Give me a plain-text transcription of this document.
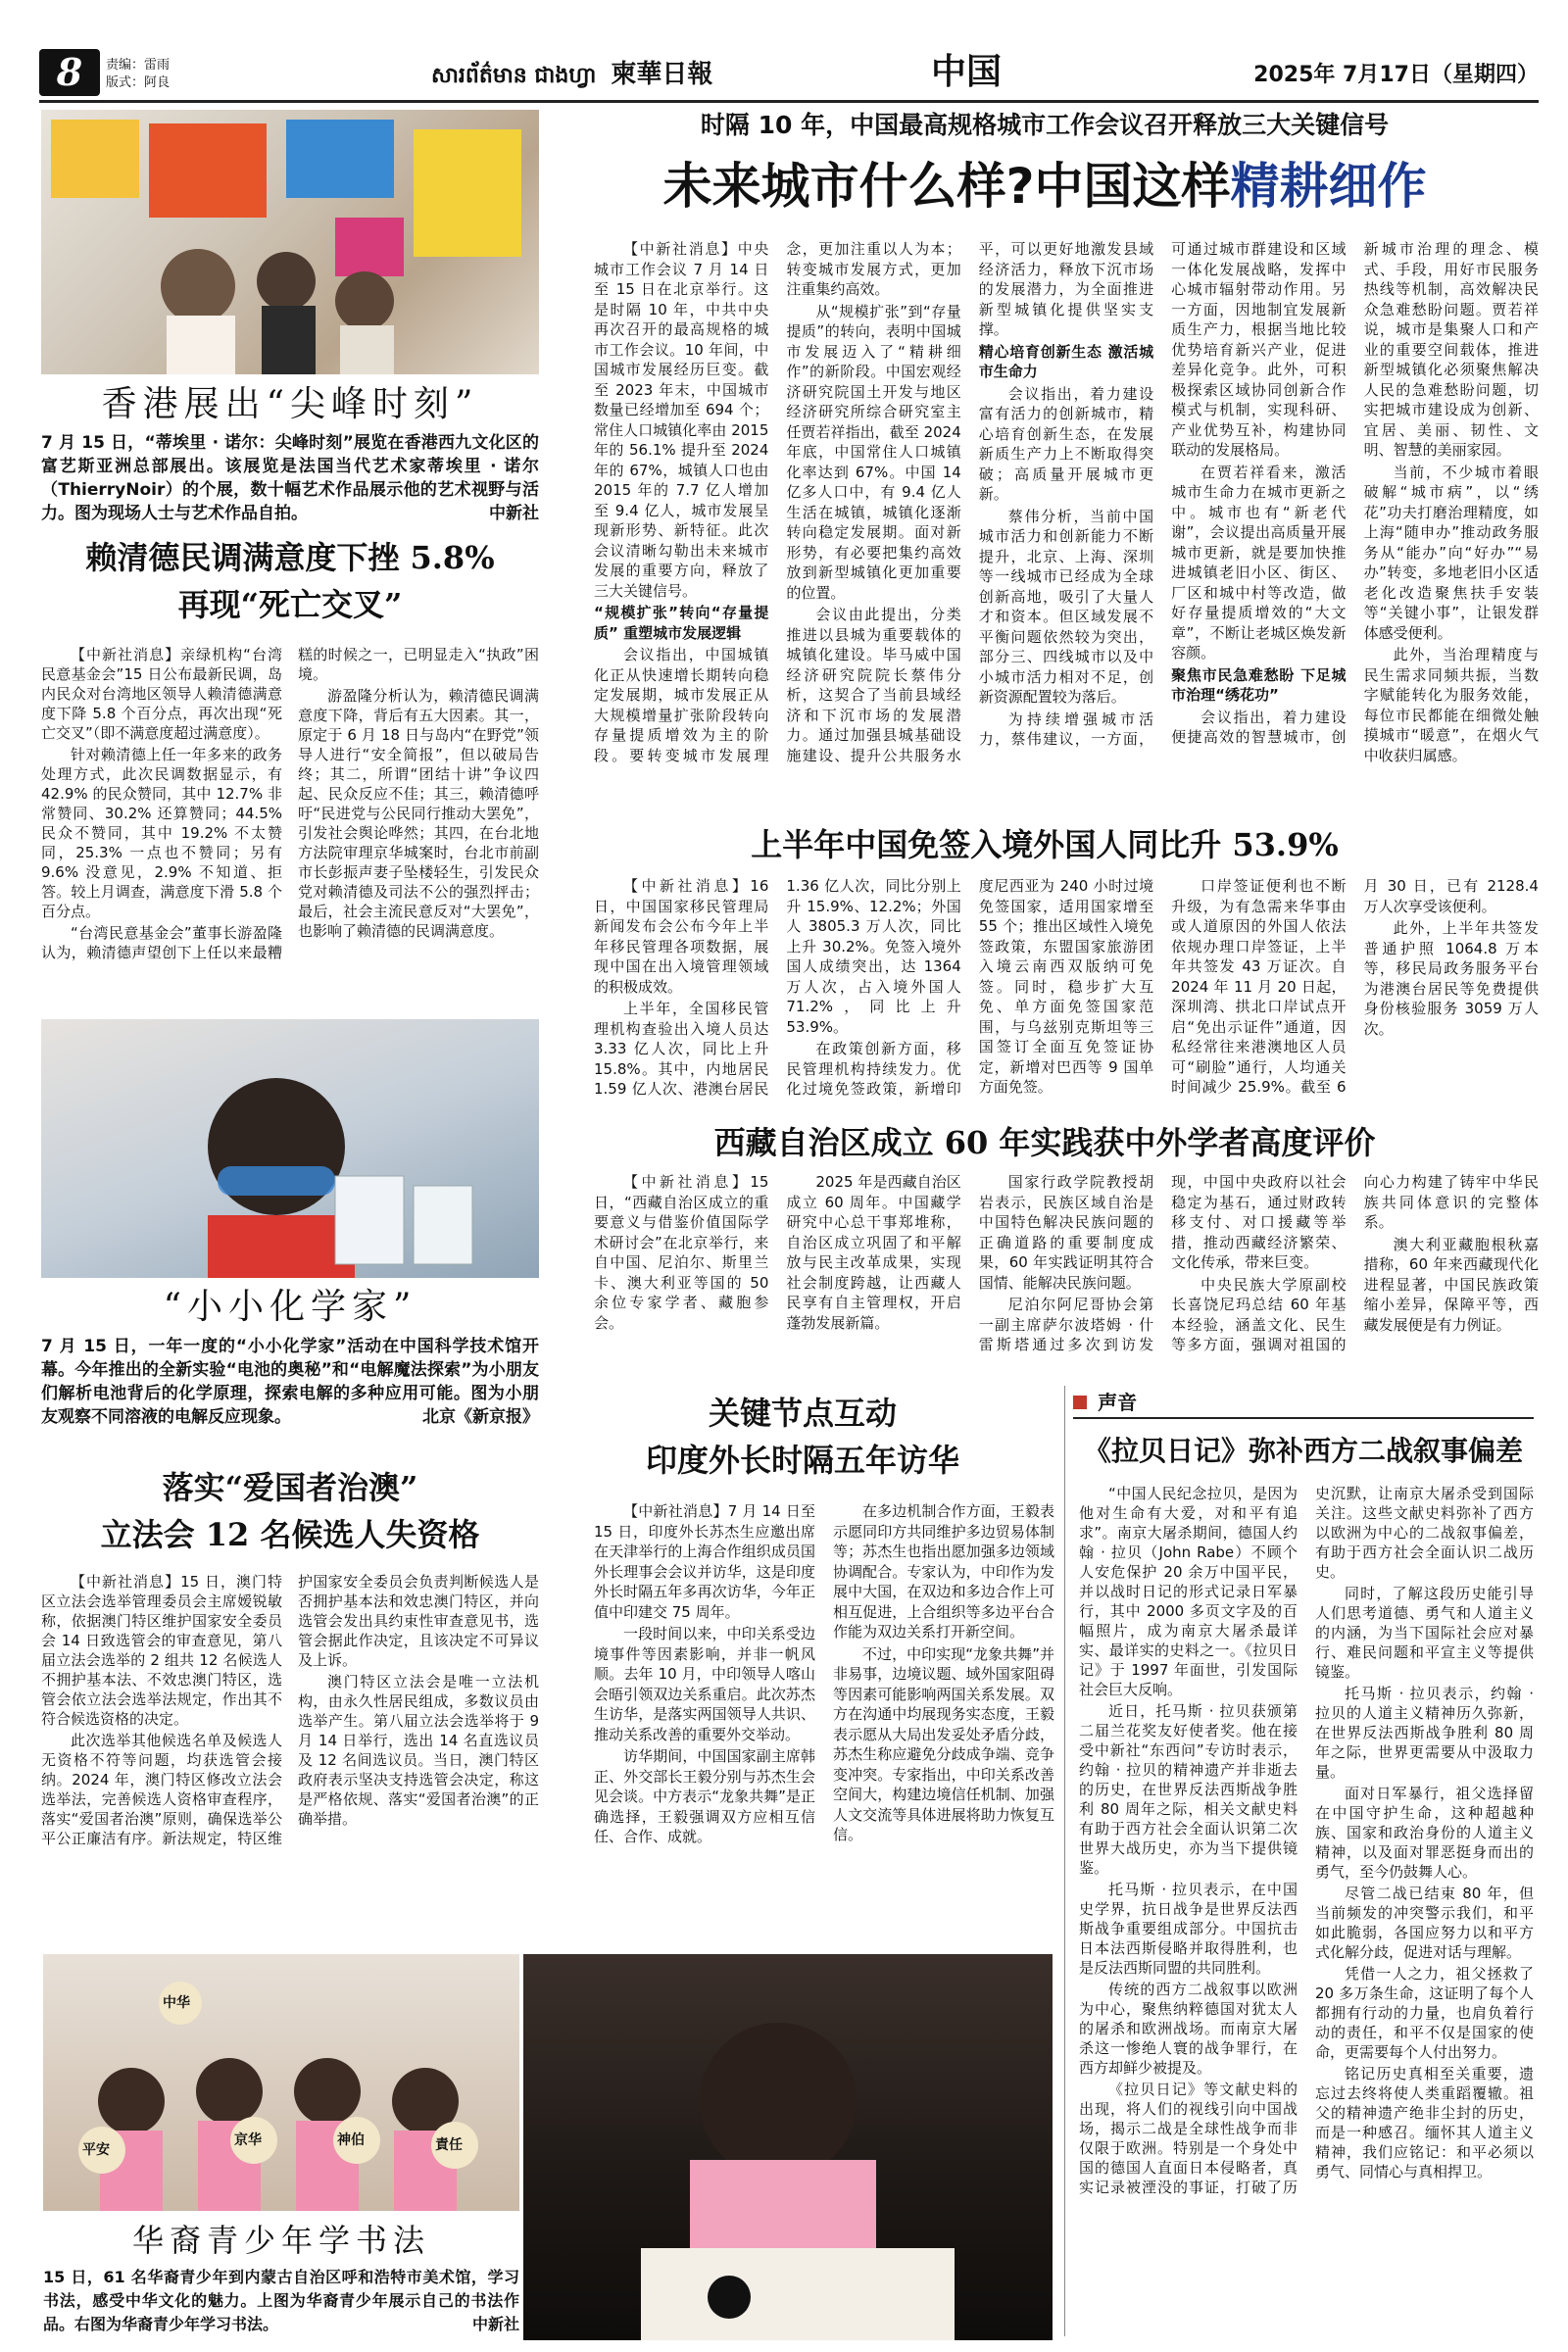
8	责编：雷雨
版式：阿良	សារព័ត៌មាន ជាងហ្វា 柬華日報	中国	2025年 7月17日（星期四）
香港展出“尖峰时刻”
7 月 15 日，“蒂埃里 · 诺尔：尖峰时刻”展览在香港西九文化区的富艺斯亚洲总部展出。该展览是法国当代艺术家蒂埃里 · 诺尔（ThierryNoir）的个展，数十幅艺术作品展示他的艺术视野与活力。图为现场人士与艺术作品自拍。	中新社
赖清德民调满意度下挫 5.8%
再现“死亡交叉”

【中新社消息】亲绿机构“台湾民意基金会”15 日公布最新民调，岛内民众对台湾地区领导人赖清德满意度下降 5.8 个百分点，再次出现“死亡交叉”（即不满意度超过满意度）。

针对赖清德上任一年多来的政务处理方式，此次民调数据显示，有 42.9% 的民众赞同，其中 12.7% 非常赞同、30.2% 还算赞同；44.5% 民众不赞同，其中 19.2% 不太赞同，25.3% 一点也不赞同；另有 9.6% 没意见，2.9% 不知道、拒答。较上月调查，满意度下滑 5.8 个百分点。

“台湾民意基金会”董事长游盈隆认为，赖清德声望创下上任以来最糟糕的时候之一，已明显走入“执政”困境。

游盈隆分析认为，赖清德民调满意度下降，背后有五大因素。其一，原定于 6 月 18 日与岛内“在野党”领导人进行“安全简报”，但以破局告终；其二，所谓“团结十讲”争议四起、民众反应不佳；其三，赖清德呼吁“民进党与公民同行推动大罢免”，引发社会舆论哗然；其四，在台北地方法院审理京华城案时，台北市前副市长彭振声妻子坠楼轻生，引发民众党对赖清德及司法不公的强烈抨击；最后，社会主流民意反对“大罢免”，也影响了赖清德的民调满意度。

“小小化学家”
7 月 15 日，一年一度的“小小化学家”活动在中国科学技术馆开幕。今年推出的全新实验“电池的奥秘”和“电解魔法探索”为小朋友们解析电池背后的化学原理，探索电解的多种应用可能。图为小朋友观察不同溶液的电解反应现象。	北京《新京报》
落实“爱国者治澳”
立法会 12 名候选人失资格

【中新社消息】15 日，澳门特区立法会选举管理委员会主席嫒锐敏称，依据澳门特区维护国家安全委员会 14 日致选管会的审查意见，第八届立法会选举的 2 组共 12 名候选人不拥护基本法、不效忠澳门特区，选管会依立法会选举法规定，作出其不符合候选资格的决定。

此次选举其他候选名单及候选人无资格不符等问题，均获选管会接纳。2024 年，澳门特区修改立法会选举法，完善候选人资格审查程序，落实“爱国者治澳”原则，确保选举公平公正廉洁有序。新法规定，特区维护国家安全委员会负责判断候选人是否拥护基本法和效忠澳门特区，并向选管会发出具约束性审查意见书，选管会据此作决定，且该决定不可异议及上诉。

澳门特区立法会是唯一立法机构，由永久性居民组成，多数议员由选举产生。第八届立法会选举将于 9 月 14 日举行，选出 14 名直选议员及 12 名间选议员。当日，澳门特区政府表示坚决支持选管会决定，称这是严格依规、落实“爱国者治澳”的正确举措。

时隔 10 年，中国最高规格城市工作会议召开释放三大关键信号
未来城市什么样?中国这样精耕细作

【中新社消息】中央城市工作会议 7 月 14 日至 15 日在北京举行。这是时隔 10 年，中共中央再次召开的最高规格的城市工作会议。10 年间，中国城市发展经历巨变。截至 2023 年末，中国城市数量已经增加至 694 个；常住人口城镇化率由 2015 年的 56.1% 提升至 2024 年的 67%，城镇人口也由 2015 年的 7.7 亿人增加至 9.4 亿人，城市发展呈现新形势、新特征。此次会议清晰勾勒出未来城市发展的重要方向，释放了三大关键信号。

“规模扩张”转向“存量提质” 重塑城市发展逻辑

会议指出，中国城镇化正从快速增长期转向稳定发展期，城市发展正从大规模增量扩张阶段转向存量提质增效为主的阶段。要转变城市发展理念，更加注重以人为本；转变城市发展方式，更加注重集约高效。

从“规模扩张”到“存量提质”的转向，表明中国城市发展迈入了“精耕细作”的新阶段。中国宏观经济研究院国土开发与地区经济研究所综合研究室主任贾若祥指出，截至 2024 年底，中国常住人口城镇化率达到 67%。中国 14 亿多人口中，有 9.4 亿人生活在城镇，城镇化逐渐转向稳定发展期。面对新形势，有必要把集约高效放到新型城镇化更加重要的位置。

会议由此提出，分类推进以县城为重要载体的城镇化建设。毕马威中国经济研究院院长蔡伟分析，这契合了当前县域经济和下沉市场的发展潜力。通过加强县城基础设施建设、提升公共服务水平，可以更好地激发县域经济活力，释放下沉市场的发展潜力，为全面推进新型城镇化提供坚实支撑。

精心培育创新生态 激活城市生命力

会议指出，着力建设富有活力的创新城市，精心培育创新生态，在发展新质生产力上不断取得突破；高质量开展城市更新。

蔡伟分析，当前中国城市活力和创新能力不断提升，北京、上海、深圳等一线城市已经成为全球创新高地，吸引了大量人才和资本。但区域发展不平衡问题依然较为突出，部分三、四线城市以及中小城市活力相对不足，创新资源配置较为落后。

为持续增强城市活力，蔡伟建议，一方面，可通过城市群建设和区域一体化发展战略，发挥中心城市辐射带动作用。另一方面，因地制宜发展新质生产力，根据当地比较优势培育新兴产业，促进差异化竞争。此外，可积极探索区域协同创新合作模式与机制，实现科研、产业优势互补，构建协同联动的发展格局。

在贾若祥看来，激活城市生命力在城市更新之中。城市也有“新老代谢”，会议提出高质量开展城市更新，就是要加快推进城镇老旧小区、街区、厂区和城中村等改造，做好存量提质增效的“大文章”，不断让老城区焕发新容颜。

聚焦市民急难愁盼 下足城市治理“绣花功”

会议指出，着力建设便捷高效的智慧城市，创新城市治理的理念、模式、手段，用好市民服务热线等机制，高效解决民众急难愁盼问题。贾若祥说，城市是集聚人口和产业的重要空间载体，推进新型城镇化必须聚焦解决人民的急难愁盼问题，切实把城市建设成为创新、宜居、美丽、韧性、文明、智慧的美丽家园。

当前，不少城市着眼破解“城市病”，以“绣花”功夫打磨治理精度，如上海“随申办”推动政务服务从“能办”向“好办”“易办”转变，多地老旧小区适老化改造聚焦扶手安装等“关键小事”，让银发群体感受便利。

此外，当治理精度与民生需求同频共振，当数字赋能转化为服务效能，每位市民都能在细微处触摸城市“暖意”，在烟火气中收获归属感。

上半年中国免签入境外国人同比升 53.9%

【中新社消息】16 日，中国国家移民管理局新闻发布会公布今年上半年移民管理各项数据，展现中国在出入境管理领域的积极成效。

上半年，全国移民管理机构查验出入境人员达 3.33 亿人次，同比上升 15.8%。其中，内地居民 1.59 亿人次、港澳台居民 1.36 亿人次，同比分别上升 15.9%、12.2%；外国人 3805.3 万人次，同比上升 30.2%。免签入境外国人成绩突出，达 1364 万人次，占入境外国人 71.2%，同比上升 53.9%。

在政策创新方面，移民管理机构持续发力。优化过境免签政策，新增印度尼西亚为 240 小时过境免签国家，适用国家增至 55 个；推出区域性入境免签政策，东盟国家旅游团入境云南西双版纳可免签。同时，稳步扩大互免、单方面免签国家范围，与乌兹别克斯坦等三国签订全面互免签证协定，新增对巴西等 9 国单方面免签。

口岸签证便利也不断升级，为有急需来华事由或人道原因的外国人依法依规办理口岸签证，上半年共签发 43 万证次。自 2024 年 11 月 20 日起，深圳湾、拱北口岸试点开启“免出示证件”通道，因私经常往来港澳地区人员可“刷脸”通行，人均通关时间减少 25.9%。截至 6 月 30 日，已有 2128.4 万人次享受该便利。

此外，上半年共签发普通护照 1064.8 万本等，移民局政务服务平台为港澳台居民等免费提供身份核验服务 3059 万人次。

西藏自治区成立 60 年实践获中外学者高度评价

【中新社消息】15 日，“西藏自治区成立的重要意义与借鉴价值国际学术研讨会”在北京举行，来自中国、尼泊尔、斯里兰卡、澳大利亚等国的 50 余位专家学者、藏胞参会。

2025 年是西藏自治区成立 60 周年。中国藏学研究中心总干事郑堆称，自治区成立巩固了和平解放与民主改革成果，实现社会制度跨越，让西藏人民享有自主管理权，开启蓬勃发展新篇。

国家行政学院教授胡岩表示，民族区域自治是中国特色解决民族问题的正确道路的重要制度成果，60 年实践证明其符合国情、能解决民族问题。

尼泊尔阿尼哥协会第一副主席萨尔波塔姆 · 什雷斯塔通过多次到访发现，中国中央政府以社会稳定为基石，通过财政转移支付、对口援藏等举措，推动西藏经济繁荣、文化传承，带来巨变。

中央民族大学原副校长喜饶尼玛总结 60 年基本经验，涵盖文化、民生等多方面，强调对祖国的向心力构建了铸牢中华民族共同体意识的完整体系。

澳大利亚藏胞根秋嘉措称，60 年来西藏现代化进程显著，中国民族政策缩小差异，保障平等，西藏发展便是有力例证。

关键节点互动
印度外长时隔五年访华

【中新社消息】7 月 14 日至 15 日，印度外长苏杰生应邀出席在天津举行的上海合作组织成员国外长理事会会议并访华，这是印度外长时隔五年多再次访华，今年正值中印建交 75 周年。

一段时间以来，中印关系受边境事件等因素影响，并非一帆风顺。去年 10 月，中印领导人喀山会晤引领双边关系重启。此次苏杰生访华，是落实两国领导人共识、推动关系改善的重要外交举动。

访华期间，中国国家副主席韩正、外交部长王毅分别与苏杰生会见会谈。中方表示“龙象共舞”是正确选择，王毅强调双方应相互信任、合作、成就。

在多边机制合作方面，王毅表示愿同印方共同维护多边贸易体制等；苏杰生也指出愿加强多边领域协调配合。专家认为，中印作为发展中大国，在双边和多边合作上可相互促进，上合组织等多边平台合作能为双边关系打开新空间。

不过，中印实现“龙象共舞”并非易事，边境议题、域外国家阻碍等因素可能影响两国关系发展。双方在沟通中均展现务实态度，王毅表示愿从大局出发妥处矛盾分歧，苏杰生称应避免分歧成争端、竞争变冲突。专家指出，中印关系改善空间大，构建边境信任机制、加强人文交流等具体进展将助力恢复互信。

声音
《拉贝日记》弥补西方二战叙事偏差

“中国人民纪念拉贝，是因为他对生命有大爱，对和平有追求”。南京大屠杀期间，德国人约翰 · 拉贝（John Rabe）不顾个人安危保护 20 余万中国平民，并以战时日记的形式记录日军暴行，其中 2000 多页文字及的百幅照片，成为南京大屠杀最详实、最详实的史料之一。《拉贝日记》于 1997 年面世，引发国际社会巨大反响。

近日，托马斯 · 拉贝获颁第二届兰花奖友好使者奖。他在接受中新社“东西问”专访时表示，约翰 · 拉贝的精神遗产并非逝去的历史，在世界反法西斯战争胜利 80 周年之际，相关文献史料有助于西方社会全面认识第二次世界大战历史，亦为当下提供镜鉴。

托马斯 · 拉贝表示，在中国史学界，抗日战争是世界反法西斯战争重要组成部分。中国抗击日本法西斯侵略并取得胜利，也是反法西斯同盟的共同胜利。

传统的西方二战叙事以欧洲为中心，聚焦纳粹德国对犹太人的屠杀和欧洲战场。而南京大屠杀这一惨绝人寰的战争罪行，在西方却鲜少被提及。

《拉贝日记》等文献史料的出现，将人们的视线引向中国战场，揭示二战是全球性战争而非仅限于欧洲。特别是一个身处中国的德国人直面日本侵略者，真实记录被湮没的事证，打破了历史沉默，让南京大屠杀受到国际关注。这些文献史料弥补了西方以欧洲为中心的二战叙事偏差，有助于西方社会全面认识二战历史。

同时，了解这段历史能引导人们思考道德、勇气和人道主义的内涵，为当下国际社会应对暴行、难民问题和平宣主义等提供镜鉴。

托马斯 · 拉贝表示，约翰 · 拉贝的人道主义精神历久弥新，在世界反法西斯战争胜利 80 周年之际，世界更需要从中汲取力量。

面对日军暴行，祖父选择留在中国守护生命，这种超越种族、国家和政治身份的人道主义精神，以及面对罪恶挺身而出的勇气，至今仍鼓舞人心。

尽管二战已结束 80 年，但当前频发的冲突警示我们，和平如此脆弱，各国应努力以和平方式化解分歧，促进对话与理解。

凭借一人之力，祖父拯救了 20 多万条生命，这证明了每个人都拥有行动的力量，也肩负着行动的责任，和平不仅是国家的使命，更需要每个人付出努力。

铭记历史真相至关重要，遗忘过去终将使人类重蹈覆辙。祖父的精神遗产绝非尘封的历史，而是一种感召。缅怀其人道主义精神，我们应铭记：和平必须以勇气、同情心与真相捍卫。

中华
平安
京华	神伯	責任
华裔青少年学书法
15 日，61 名华裔青少年到内蒙古自治区呼和浩特市美术馆，学习书法，感受中华文化的魅力。上图为华裔青少年展示自己的书法作品。右图为华裔青少年学习书法。	中新社
